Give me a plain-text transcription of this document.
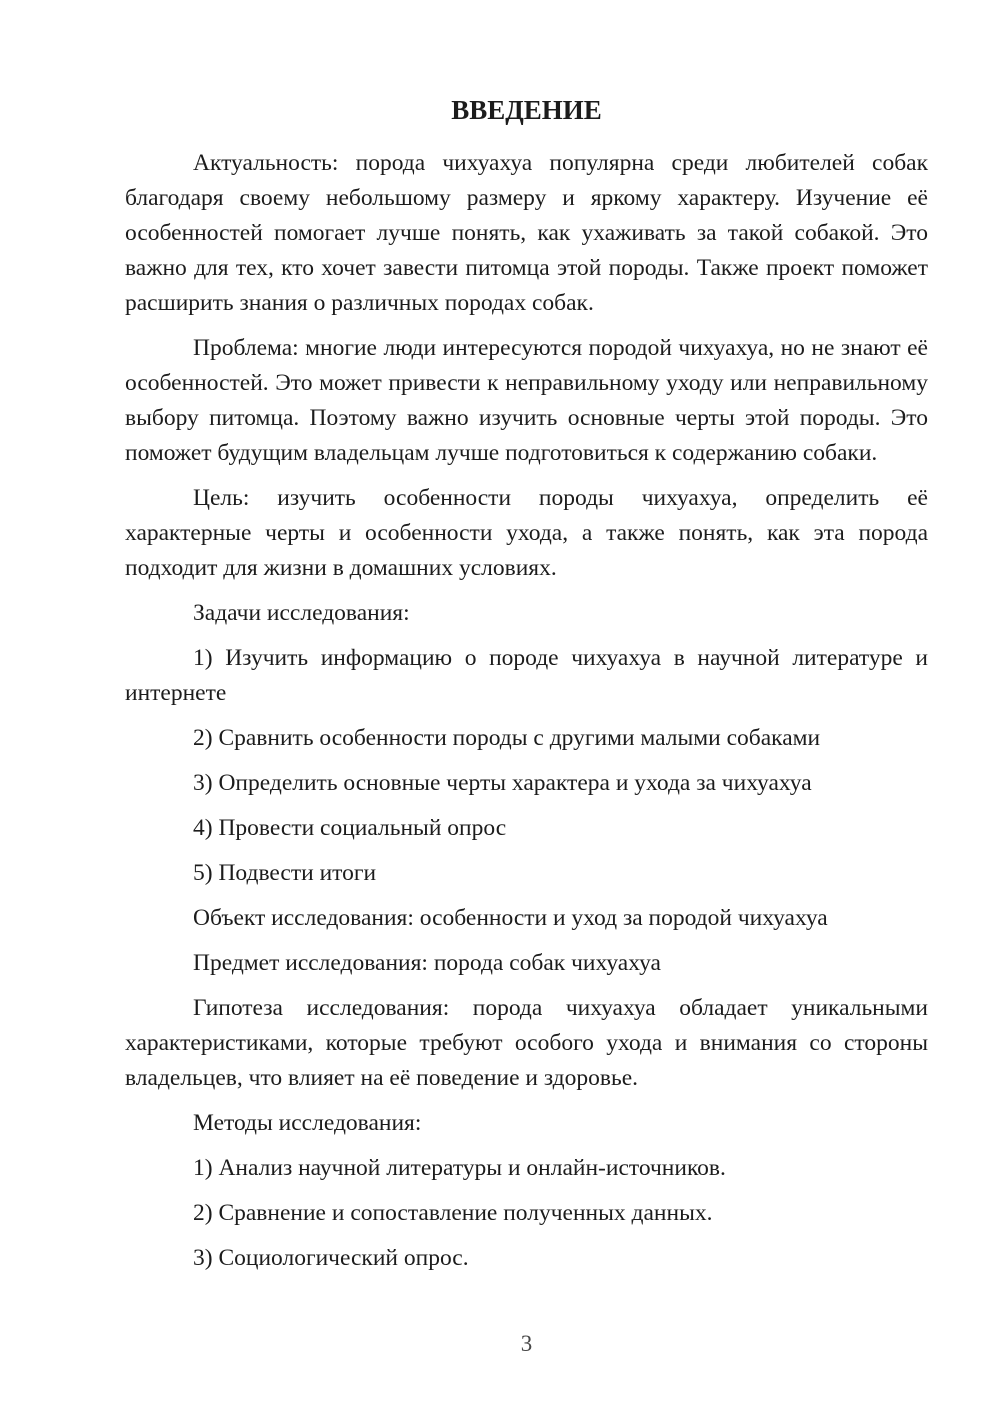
ВВЕДЕНИЕ

Актуальность: порода чихуахуа популярна среди любителей собак благодаря своему небольшому размеру и яркому характеру. Изучение её особенностей помогает лучше понять, как ухаживать за такой собакой. Это важно для тех, кто хочет завести питомца этой породы. Также проект поможет расширить знания о различных породах собак.

Проблема: многие люди интересуются породой чихуахуа, но не знают её особенностей. Это может привести к неправильному уходу или неправильному выбору питомца. Поэтому важно изучить основные черты этой породы. Это поможет будущим владельцам лучше подготовиться к содержанию собаки.

Цель: изучить особенности породы чихуахуа, определить её характерные черты и особенности ухода, а также понять, как эта порода подходит для жизни в домашних условиях.

Задачи исследования:

1) Изучить информацию о породе чихуахуа в научной литературе и интернете

2) Сравнить особенности породы с другими малыми собаками

3) Определить основные черты характера и ухода за чихуахуа

4) Провести социальный опрос

5) Подвести итоги

Объект исследования: особенности и уход за породой чихуахуа

Предмет исследования: порода собак чихуахуа

Гипотеза исследования: порода чихуахуа обладает уникальными характеристиками, которые требуют особого ухода и внимания со стороны владельцев, что влияет на её поведение и здоровье.

Методы исследования:

1) Анализ научной литературы и онлайн-источников.

2) Сравнение и сопоставление полученных данных.

3) Социологический опрос.

3
